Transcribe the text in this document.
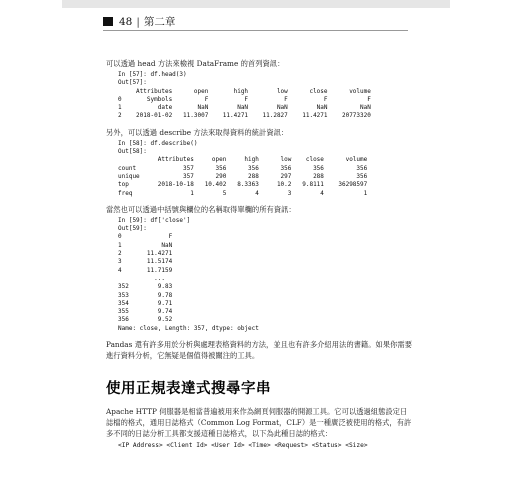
48 | 第二章

可以透過 head 方法來檢視 DataFrame 的首列資訊：

In [57]: df.head(3)
Out[57]:
Attributes      open       high        low      close      volume
0       Symbols         F          F          F          F           F
1          date       NaN        NaN        NaN        NaN         NaN
2    2018-01-02   11.3007    11.4271    11.2827    11.4271    20773320

另外，可以透過 describe 方法來取得資料的統計資訊：

In [58]: df.describe()
Out[58]:
Attributes     open     high      low    close      volume
count             357      356      356      356      356         356
unique            357      290      288      297      288         356
top        2018-10-18   10.402   8.3363     10.2   9.8111    36298597
freq                1        5        4        3        4           1

當然也可以透過中括號與欄位的名稱取得單欄的所有資訊：

In [59]: df['close']
Out[59]:
0             F
1           NaN
2       11.4271
3       11.5174
4       11.7159
...
352        9.83
353        9.78
354        9.71
355        9.74
356        9.52
Name: close, Length: 357, dtype: object

Pandas 還有許多用於分析與處理表格資料的方法，並且也有許多介紹用法的書籍。如果你需要進行資料分析，它無疑是個值得被關注的工具。

使用正規表達式搜尋字串

Apache HTTP 伺服器是相當普遍被用來作為網頁伺服器的開源工具。它可以透過組態設定日誌檔的格式，通用日誌格式（Common Log Format，CLF）是一種廣泛被使用的格式，有許多不同的日誌分析工具都支援這種日誌格式，以下為此種日誌的格式：

<IP Address> <Client Id> <User Id> <Time> <Request> <Status> <Size>
